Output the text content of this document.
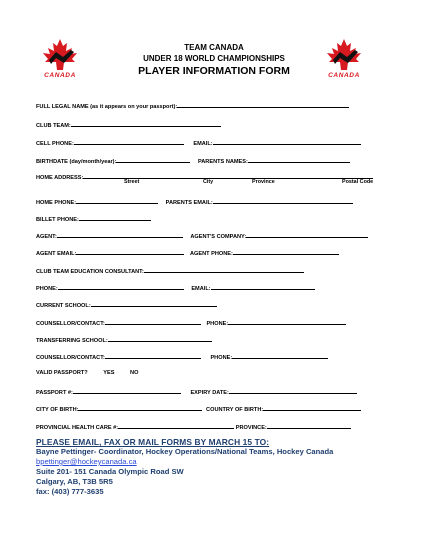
CANADA	CANADA
TEAM CANADA
UNDER 18 WORLD CHAMPIONSHIPS
PLAYER INFORMATION FORM
FULL LEGAL NAME (as it appears on your passport):
CLUB TEAM:
CELL PHONE:	EMAIL:
BIRTHDATE (day/month/year):	PARENTS NAMES:
HOME ADDRESS:
Street	City	Province	Postal Code
HOME PHONE:	PARENTS EMAIL:
BILLET PHONE:
AGENT:	AGENT'S COMPANY:
AGENT EMAIL:	AGENT PHONE:
CLUB TEAM EDUCATION CONSULTANT:
PHONE:	EMAIL:
CURRENT SCHOOL:
COUNSELLOR/CONTACT:	PHONE:
TRANSFERRING SCHOOL:
COUNSELLOR/CONTACT:	PHONE:
VALID PASSPORT?	YES	NO
PASSPORT #:	EXPIRY DATE:
CITY OF BIRTH:	COUNTRY OF BIRTH:
PROVINCIAL HEALTH CARE #:	PROVINCE:
PLEASE EMAIL, FAX OR MAIL FORMS BY MARCH 15 TO:
Bayne Pettinger- Coordinator, Hockey Operations/National Teams, Hockey Canada
bpettinger@hockeycanada.ca
Suite 201- 151 Canada Olympic Road SW
Calgary, AB, T3B 5R5
fax: (403) 777-3635
